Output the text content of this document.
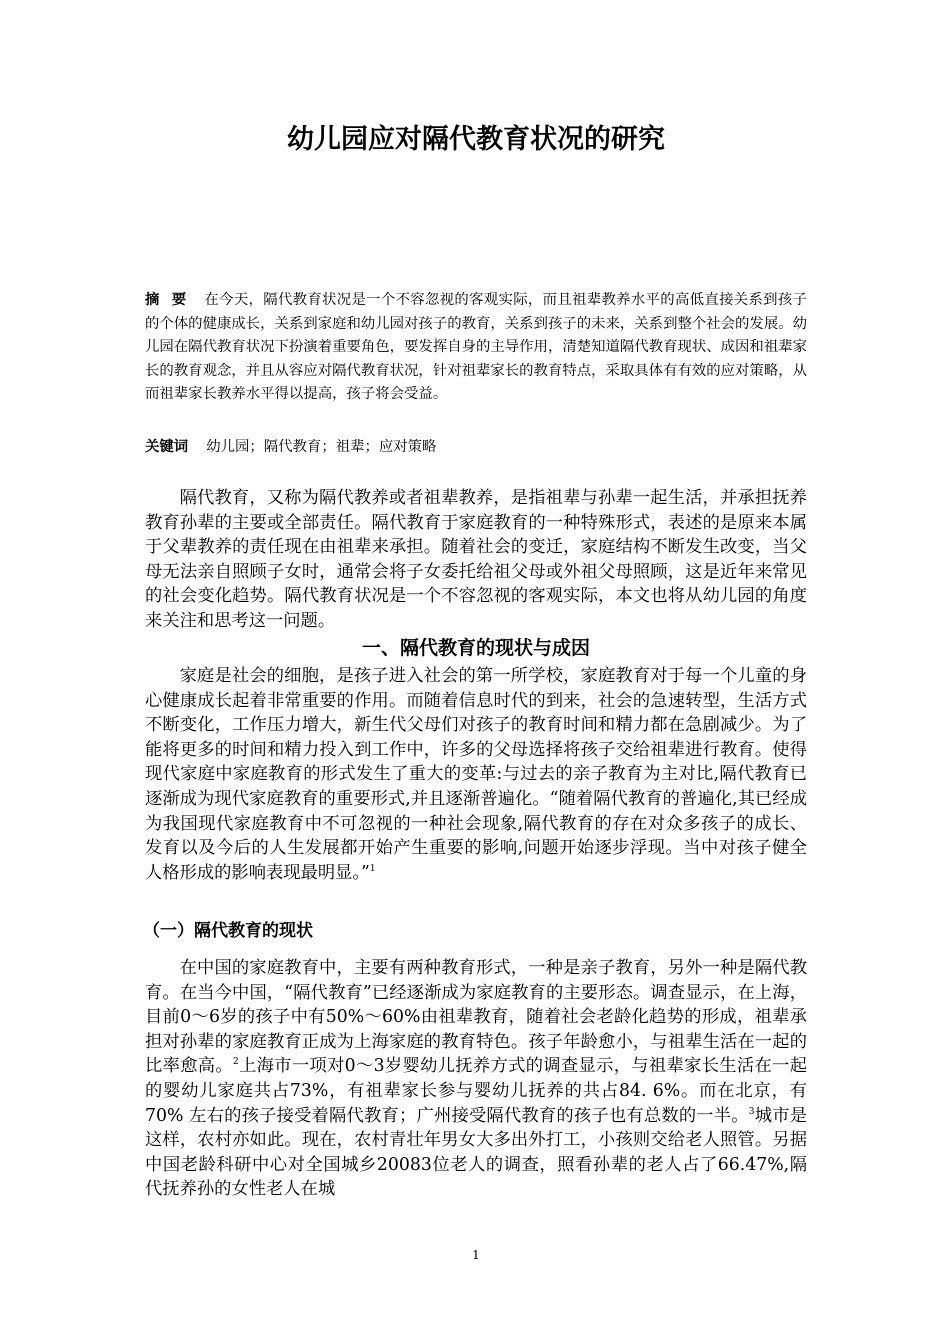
幼儿园应对隔代教育状况的研究
摘要 在今天，隔代教育状况是一个不容忽视的客观实际，而且祖辈教养水平的高低直接关系到孩子的个体的健康成长，关系到家庭和幼儿园对孩子的教育，关系到孩子的未来，关系到整个社会的发展。幼儿园在隔代教育状况下扮演着重要角色，要发挥自身的主导作用，清楚知道隔代教育现状、成因和祖辈家长的教育观念，并且从容应对隔代教育状况，针对祖辈家长的教育特点，采取具体有有效的应对策略，从而祖辈家长教养水平得以提高，孩子将会受益。
关键词 幼儿园；隔代教育；祖辈；应对策略
隔代教育，又称为隔代教养或者祖辈教养，是指祖辈与孙辈一起生活，并承担抚养教育孙辈的主要或全部责任。隔代教育于家庭教育的一种特殊形式，表述的是原来本属于父辈教养的责任现在由祖辈来承担。随着社会的变迁，家庭结构不断发生改变，当父母无法亲自照顾子女时，通常会将子女委托给祖父母或外祖父母照顾，这是近年来常见的社会变化趋势。隔代教育状况是一个不容忽视的客观实际，本文也将从幼儿园的角度来关注和思考这一问题。
一、隔代教育的现状与成因
家庭是社会的细胞，是孩子进入社会的第一所学校，家庭教育对于每一个儿童的身心健康成长起着非常重要的作用。而随着信息时代的到来，社会的急速转型，生活方式不断变化，工作压力增大，新生代父母们对孩子的教育时间和精力都在急剧减少。为了能将更多的时间和精力投入到工作中，许多的父母选择将孩子交给祖辈进行教育。使得现代家庭中家庭教育的形式发生了重大的变革:与过去的亲子教育为主对比,隔代教育已逐渐成为现代家庭教育的重要形式,并且逐渐普遍化。“随着隔代教育的普遍化,其已经成为我国现代家庭教育中不可忽视的一种社会现象,隔代教育的存在对众多孩子的成长、发育以及今后的人生发展都开始产生重要的影响,问题开始逐步浮现。当中对孩子健全人格形成的影响表现最明显。”$^1$
（一）隔代教育的现状
在中国的家庭教育中，主要有两种教育形式，一种是亲子教育，另外一种是隔代教育。在当今中国，“隔代教育”已经逐渐成为家庭教育的主要形态。调查显示，在上海，目前0～6岁的孩子中有50%～60%由祖辈教育，随着社会老龄化趋势的形成，祖辈承担对孙辈的家庭教育正成为上海家庭的教育特色。孩子年龄愈小，与祖辈生活在一起的比率愈高。$^2$上海市一项对0～3岁婴幼儿抚养方式的调查显示，与祖辈家长生活在一起的婴幼儿家庭共占73%，有祖辈家长参与婴幼儿抚养的共占84. 6%。而在北京，有70% 左右的孩子接受着隔代教育；广州接受隔代教育的孩子也有总数的一半。$^3$城市是这样，农村亦如此。现在，农村青壮年男女大多出外打工，小孩则交给老人照管。另据中国老龄科研中心对全国城乡20083位老人的调查，照看孙辈的老人占了66.47%,隔代抚养孙的女性老人在城
1
